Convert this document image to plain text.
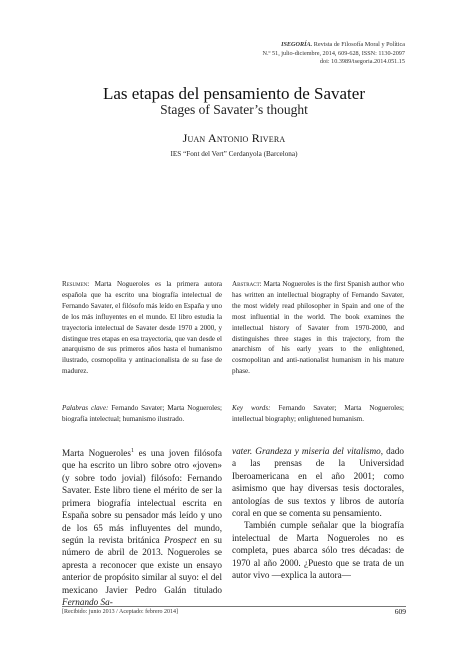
ISEGORÍA. Revista de Filosofía Moral y Política
N.º 51, julio-diciembre, 2014, 609-628, ISSN: 1130-2097
doi: 10.3989/isegoria.2014.051.15
Las etapas del pensamiento de Savater
Stages of Savater’s thought
Juan Antonio Rivera
IES “Font del Vert” Cerdanyola (Barcelona)
Resumen: Marta Nogueroles es la primera autora española que ha escrito una biografía intelectual de Fernando Savater, el filósofo más leído en España y uno de los más influyentes en el mundo. El libro estudia la trayectoria intelectual de Savater desde 1970 a 2000, y distingue tres etapas en esa trayectoria, que van desde el anarquismo de sus primeros años hasta el humanismo ilustrado, cosmopolita y antinacionalista de su fase de madurez.
Abstract: Marta Nogueroles is the first Spanish author who has written an intellectual biography of Fernando Savater, the most widely read philosopher in Spain and one of the most influential in the world. The book examines the intellectual history of Savater from 1970-2000, and distinguishes three stages in this trajectory, from the anarchism of his early years to the enlightened, cosmopolitan and anti-nationalist humanism in his mature phase.
Palabras clave: Fernando Savater; Marta Nogueroles; biografía intelectual; humanismo ilustrado.
Key words: Fernando Savater; Marta Nogueroles; intellectual biography; enlightened humanism.

Marta Nogueroles$^1$ es una joven filósofa que ha escrito un libro sobre otro «joven» (y sobre todo jovial) filósofo: Fernando Savater. Este libro tiene el mérito de ser la primera biografía intelectual escrita en España sobre su pensador más leído y uno de los 65 más influyentes del mundo, según la revista británica Prospect en su número de abril de 2013. Nogueroles se apresta a reconocer que existe un ensayo anterior de propósito similar al suyo: el del mexicano Javier Pedro Galán titulado Fernando Sa-

vater. Grandeza y miseria del vitalismo, dado a las prensas de la Universidad Iberoamericana en el año 2001; como asimismo que hay diversas tesis doctorales, antologías de sus textos y libros de autoría coral en que se comenta su pensamiento.

También cumple señalar que la biografía intelectual de Marta Nogueroles no es completa, pues abarca sólo tres décadas: de 1970 al año 2000. ¿Puesto que se trata de un autor vivo —explica la autora—

[Recibido: junio 2013 / Aceptado: febrero 2014]	609
